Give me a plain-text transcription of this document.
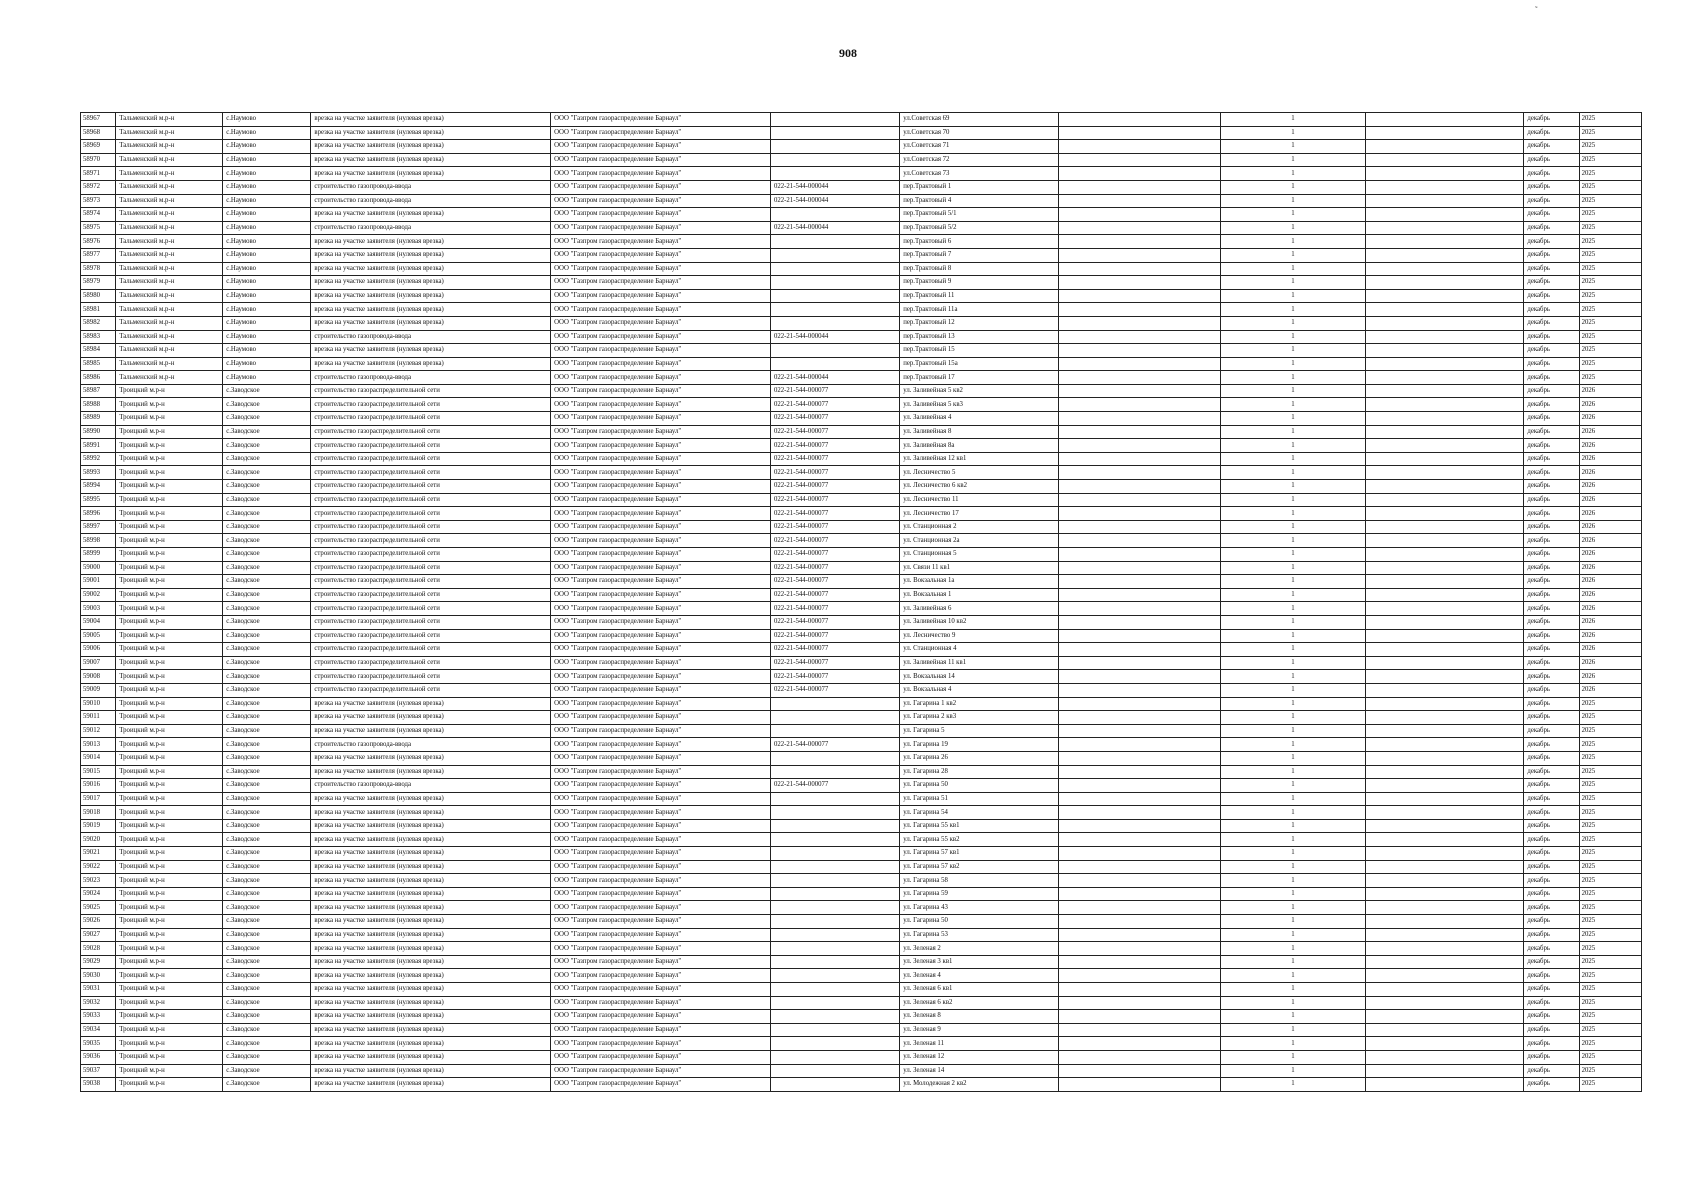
908
˜
58967	Тальменский м.р-н	с.Наумово	врезка на участке заявителя (нулевая врезка)	ООО "Газпром газораспределение Барнаул"		ул.Советская 69		1		декабрь	2025
58968	Тальменский м.р-н	с.Наумово	врезка на участке заявителя (нулевая врезка)	ООО "Газпром газораспределение Барнаул"		ул.Советская 70		1		декабрь	2025
58969	Тальменский м.р-н	с.Наумово	врезка на участке заявителя (нулевая врезка)	ООО "Газпром газораспределение Барнаул"		ул.Советская 71		1		декабрь	2025
58970	Тальменский м.р-н	с.Наумово	врезка на участке заявителя (нулевая врезка)	ООО "Газпром газораспределение Барнаул"		ул.Советская 72		1		декабрь	2025
58971	Тальменский м.р-н	с.Наумово	врезка на участке заявителя (нулевая врезка)	ООО "Газпром газораспределение Барнаул"		ул.Советская 73		1		декабрь	2025
58972	Тальменский м.р-н	с.Наумово	строительство газопровода-ввода	ООО "Газпром газораспределение Барнаул"	022-21-544-000044	пер.Трактовый 1		1		декабрь	2025
58973	Тальменский м.р-н	с.Наумово	строительство газопровода-ввода	ООО "Газпром газораспределение Барнаул"	022-21-544-000044	пер.Трактовый 4		1		декабрь	2025
58974	Тальменский м.р-н	с.Наумово	врезка на участке заявителя (нулевая врезка)	ООО "Газпром газораспределение Барнаул"		пер.Трактовый 5/1		1		декабрь	2025
58975	Тальменский м.р-н	с.Наумово	строительство газопровода-ввода	ООО "Газпром газораспределение Барнаул"	022-21-544-000044	пер.Трактовый 5/2		1		декабрь	2025
58976	Тальменский м.р-н	с.Наумово	врезка на участке заявителя (нулевая врезка)	ООО "Газпром газораспределение Барнаул"		пер.Трактовый 6		1		декабрь	2025
58977	Тальменский м.р-н	с.Наумово	врезка на участке заявителя (нулевая врезка)	ООО "Газпром газораспределение Барнаул"		пер.Трактовый 7		1		декабрь	2025
58978	Тальменский м.р-н	с.Наумово	врезка на участке заявителя (нулевая врезка)	ООО "Газпром газораспределение Барнаул"		пер.Трактовый 8		1		декабрь	2025
58979	Тальменский м.р-н	с.Наумово	врезка на участке заявителя (нулевая врезка)	ООО "Газпром газораспределение Барнаул"		пер.Трактовый 9		1		декабрь	2025
58980	Тальменский м.р-н	с.Наумово	врезка на участке заявителя (нулевая врезка)	ООО "Газпром газораспределение Барнаул"		пер.Трактовый 11		1		декабрь	2025
58981	Тальменский м.р-н	с.Наумово	врезка на участке заявителя (нулевая врезка)	ООО "Газпром газораспределение Барнаул"		пер.Трактовый 11а		1		декабрь	2025
58982	Тальменский м.р-н	с.Наумово	врезка на участке заявителя (нулевая врезка)	ООО "Газпром газораспределение Барнаул"		пер.Трактовый 12		1		декабрь	2025
58983	Тальменский м.р-н	с.Наумово	строительство газопровода-ввода	ООО "Газпром газораспределение Барнаул"	022-21-544-000044	пер.Трактовый 13		1		декабрь	2025
58984	Тальменский м.р-н	с.Наумово	врезка на участке заявителя (нулевая врезка)	ООО "Газпром газораспределение Барнаул"		пер.Трактовый 15		1		декабрь	2025
58985	Тальменский м.р-н	с.Наумово	врезка на участке заявителя (нулевая врезка)	ООО "Газпром газораспределение Барнаул"		пер.Трактовый 15а		1		декабрь	2025
58986	Тальменский м.р-н	с.Наумово	строительство газопровода-ввода	ООО "Газпром газораспределение Барнаул"	022-21-544-000044	пер.Трактовый 17		1		декабрь	2025
58987	Троицкий м.р-н	с.Заводское	строительство газораспределительной сети	ООО "Газпром газораспределение Барнаул"	022-21-544-000077	ул. Заливейная 5 кв2		1		декабрь	2026
58988	Троицкий м.р-н	с.Заводское	строительство газораспределительной сети	ООО "Газпром газораспределение Барнаул"	022-21-544-000077	ул. Заливейная 5 кв3		1		декабрь	2026
58989	Троицкий м.р-н	с.Заводское	строительство газораспределительной сети	ООО "Газпром газораспределение Барнаул"	022-21-544-000077	ул. Заливейная 4		1		декабрь	2026
58990	Троицкий м.р-н	с.Заводское	строительство газораспределительной сети	ООО "Газпром газораспределение Барнаул"	022-21-544-000077	ул. Заливейная 8		1		декабрь	2026
58991	Троицкий м.р-н	с.Заводское	строительство газораспределительной сети	ООО "Газпром газораспределение Барнаул"	022-21-544-000077	ул. Заливейная 8а		1		декабрь	2026
58992	Троицкий м.р-н	с.Заводское	строительство газораспределительной сети	ООО "Газпром газораспределение Барнаул"	022-21-544-000077	ул. Заливейная 12 кв1		1		декабрь	2026
58993	Троицкий м.р-н	с.Заводское	строительство газораспределительной сети	ООО "Газпром газораспределение Барнаул"	022-21-544-000077	ул. Лесничество 5		1		декабрь	2026
58994	Троицкий м.р-н	с.Заводское	строительство газораспределительной сети	ООО "Газпром газораспределение Барнаул"	022-21-544-000077	ул. Лесничество 6 кв2		1		декабрь	2026
58995	Троицкий м.р-н	с.Заводское	строительство газораспределительной сети	ООО "Газпром газораспределение Барнаул"	022-21-544-000077	ул. Лесничество 11		1		декабрь	2026
58996	Троицкий м.р-н	с.Заводское	строительство газораспределительной сети	ООО "Газпром газораспределение Барнаул"	022-21-544-000077	ул. Лесничество 17		1		декабрь	2026
58997	Троицкий м.р-н	с.Заводское	строительство газораспределительной сети	ООО "Газпром газораспределение Барнаул"	022-21-544-000077	ул. Станционная 2		1		декабрь	2026
58998	Троицкий м.р-н	с.Заводское	строительство газораспределительной сети	ООО "Газпром газораспределение Барнаул"	022-21-544-000077	ул. Станционная 2а		1		декабрь	2026
58999	Троицкий м.р-н	с.Заводское	строительство газораспределительной сети	ООО "Газпром газораспределение Барнаул"	022-21-544-000077	ул. Станционная 5		1		декабрь	2026
59000	Троицкий м.р-н	с.Заводское	строительство газораспределительной сети	ООО "Газпром газораспределение Барнаул"	022-21-544-000077	ул. Связи 11 кв1		1		декабрь	2026
59001	Троицкий м.р-н	с.Заводское	строительство газораспределительной сети	ООО "Газпром газораспределение Барнаул"	022-21-544-000077	ул. Вокзальная 1а		1		декабрь	2026
59002	Троицкий м.р-н	с.Заводское	строительство газораспределительной сети	ООО "Газпром газораспределение Барнаул"	022-21-544-000077	ул. Вокзальная 1		1		декабрь	2026
59003	Троицкий м.р-н	с.Заводское	строительство газораспределительной сети	ООО "Газпром газораспределение Барнаул"	022-21-544-000077	ул. Заливейная 6		1		декабрь	2026
59004	Троицкий м.р-н	с.Заводское	строительство газораспределительной сети	ООО "Газпром газораспределение Барнаул"	022-21-544-000077	ул. Заливейная 10 кв2		1		декабрь	2026
59005	Троицкий м.р-н	с.Заводское	строительство газораспределительной сети	ООО "Газпром газораспределение Барнаул"	022-21-544-000077	ул. Лесничество 9		1		декабрь	2026
59006	Троицкий м.р-н	с.Заводское	строительство газораспределительной сети	ООО "Газпром газораспределение Барнаул"	022-21-544-000077	ул. Станционная 4		1		декабрь	2026
59007	Троицкий м.р-н	с.Заводское	строительство газораспределительной сети	ООО "Газпром газораспределение Барнаул"	022-21-544-000077	ул. Заливейная 11 кв1		1		декабрь	2026
59008	Троицкий м.р-н	с.Заводское	строительство газораспределительной сети	ООО "Газпром газораспределение Барнаул"	022-21-544-000077	ул. Вокзальная 14		1		декабрь	2026
59009	Троицкий м.р-н	с.Заводское	строительство газораспределительной сети	ООО "Газпром газораспределение Барнаул"	022-21-544-000077	ул. Вокзальная 4		1		декабрь	2026
59010	Троицкий м.р-н	с.Заводское	врезка на участке заявителя (нулевая врезка)	ООО "Газпром газораспределение Барнаул"		ул. Гагарина 1 кв2		1		декабрь	2025
59011	Троицкий м.р-н	с.Заводское	врезка на участке заявителя (нулевая врезка)	ООО "Газпром газораспределение Барнаул"		ул. Гагарина 2 кв3		1		декабрь	2025
59012	Троицкий м.р-н	с.Заводское	врезка на участке заявителя (нулевая врезка)	ООО "Газпром газораспределение Барнаул"		ул. Гагарина 5		1		декабрь	2025
59013	Троицкий м.р-н	с.Заводское	строительство газопровода-ввода	ООО "Газпром газораспределение Барнаул"	022-21-544-000077	ул. Гагарина 19		1		декабрь	2025
59014	Троицкий м.р-н	с.Заводское	врезка на участке заявителя (нулевая врезка)	ООО "Газпром газораспределение Барнаул"		ул. Гагарина 26		1		декабрь	2025
59015	Троицкий м.р-н	с.Заводское	врезка на участке заявителя (нулевая врезка)	ООО "Газпром газораспределение Барнаул"		ул. Гагарина 28		1		декабрь	2025
59016	Троицкий м.р-н	с.Заводское	строительство газопровода-ввода	ООО "Газпром газораспределение Барнаул"	022-21-544-000077	ул. Гагарина 50		1		декабрь	2025
59017	Троицкий м.р-н	с.Заводское	врезка на участке заявителя (нулевая врезка)	ООО "Газпром газораспределение Барнаул"		ул. Гагарина 51		1		декабрь	2025
59018	Троицкий м.р-н	с.Заводское	врезка на участке заявителя (нулевая врезка)	ООО "Газпром газораспределение Барнаул"		ул. Гагарина 54		1		декабрь	2025
59019	Троицкий м.р-н	с.Заводское	врезка на участке заявителя (нулевая врезка)	ООО "Газпром газораспределение Барнаул"		ул. Гагарина 55 кв1		1		декабрь	2025
59020	Троицкий м.р-н	с.Заводское	врезка на участке заявителя (нулевая врезка)	ООО "Газпром газораспределение Барнаул"		ул. Гагарина 55 кв2		1		декабрь	2025
59021	Троицкий м.р-н	с.Заводское	врезка на участке заявителя (нулевая врезка)	ООО "Газпром газораспределение Барнаул"		ул. Гагарина 57 кв1		1		декабрь	2025
59022	Троицкий м.р-н	с.Заводское	врезка на участке заявителя (нулевая врезка)	ООО "Газпром газораспределение Барнаул"		ул. Гагарина 57 кв2		1		декабрь	2025
59023	Троицкий м.р-н	с.Заводское	врезка на участке заявителя (нулевая врезка)	ООО "Газпром газораспределение Барнаул"		ул. Гагарина 58		1		декабрь	2025
59024	Троицкий м.р-н	с.Заводское	врезка на участке заявителя (нулевая врезка)	ООО "Газпром газораспределение Барнаул"		ул. Гагарина 59		1		декабрь	2025
59025	Троицкий м.р-н	с.Заводское	врезка на участке заявителя (нулевая врезка)	ООО "Газпром газораспределение Барнаул"		ул. Гагарина 43		1		декабрь	2025
59026	Троицкий м.р-н	с.Заводское	врезка на участке заявителя (нулевая врезка)	ООО "Газпром газораспределение Барнаул"		ул. Гагарина 50		1		декабрь	2025
59027	Троицкий м.р-н	с.Заводское	врезка на участке заявителя (нулевая врезка)	ООО "Газпром газораспределение Барнаул"		ул. Гагарина 53		1		декабрь	2025
59028	Троицкий м.р-н	с.Заводское	врезка на участке заявителя (нулевая врезка)	ООО "Газпром газораспределение Барнаул"		ул. Зеленая 2		1		декабрь	2025
59029	Троицкий м.р-н	с.Заводское	врезка на участке заявителя (нулевая врезка)	ООО "Газпром газораспределение Барнаул"		ул. Зеленая 3 кв1		1		декабрь	2025
59030	Троицкий м.р-н	с.Заводское	врезка на участке заявителя (нулевая врезка)	ООО "Газпром газораспределение Барнаул"		ул. Зеленая 4		1		декабрь	2025
59031	Троицкий м.р-н	с.Заводское	врезка на участке заявителя (нулевая врезка)	ООО "Газпром газораспределение Барнаул"		ул. Зеленая 6 кв1		1		декабрь	2025
59032	Троицкий м.р-н	с.Заводское	врезка на участке заявителя (нулевая врезка)	ООО "Газпром газораспределение Барнаул"		ул. Зеленая 6 кв2		1		декабрь	2025
59033	Троицкий м.р-н	с.Заводское	врезка на участке заявителя (нулевая врезка)	ООО "Газпром газораспределение Барнаул"		ул. Зеленая 8		1		декабрь	2025
59034	Троицкий м.р-н	с.Заводское	врезка на участке заявителя (нулевая врезка)	ООО "Газпром газораспределение Барнаул"		ул. Зеленая 9		1		декабрь	2025
59035	Троицкий м.р-н	с.Заводское	врезка на участке заявителя (нулевая врезка)	ООО "Газпром газораспределение Барнаул"		ул. Зеленая 11		1		декабрь	2025
59036	Троицкий м.р-н	с.Заводское	врезка на участке заявителя (нулевая врезка)	ООО "Газпром газораспределение Барнаул"		ул. Зеленая 12		1		декабрь	2025
59037	Троицкий м.р-н	с.Заводское	врезка на участке заявителя (нулевая врезка)	ООО "Газпром газораспределение Барнаул"		ул. Зеленая 14		1		декабрь	2025
59038	Троицкий м.р-н	с.Заводское	врезка на участке заявителя (нулевая врезка)	ООО "Газпром газораспределение Барнаул"		ул. Молодежная 2 кв2		1		декабрь	2025
